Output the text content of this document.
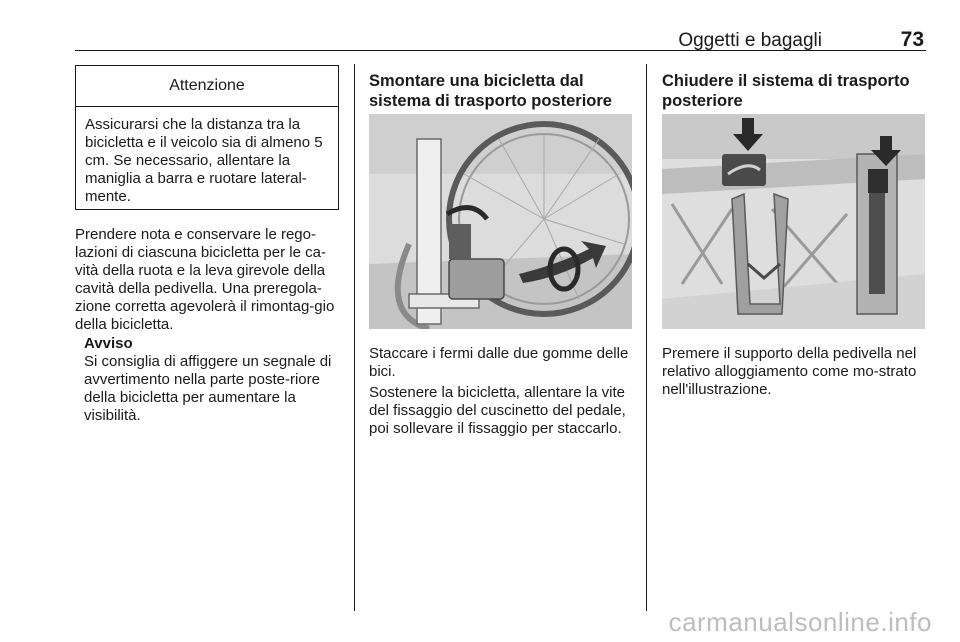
Oggetti e bagagli	73
Attenzione
Assicurarsi che la distanza tra la bicicletta e il veicolo sia di almeno 5 cm. Se necessario, allentare la maniglia a barra e ruotare lateral-mente.

Prendere nota e conservare le rego-lazioni di ciascuna bicicletta per le ca-vità della ruota e la leva girevole della cavità della pedivella. Una preregola-zione corretta agevolerà il rimontag-gio della bicicletta.

Avviso

Si consiglia di affiggere un segnale di avvertimento nella parte poste-riore della bicicletta per aumentare la visibilità.

Smontare una bicicletta dal sistema di trasporto posteriore

Staccare i fermi dalle due gomme delle bici.

Sostenere la bicicletta, allentare la vite del fissaggio del cuscinetto del pedale, poi sollevare il fissaggio per staccarlo.

Chiudere il sistema di trasporto posteriore

Premere il supporto della pedivella nel relativo alloggiamento come mo-strato nell'illustrazione.

carmanualsonline.info
